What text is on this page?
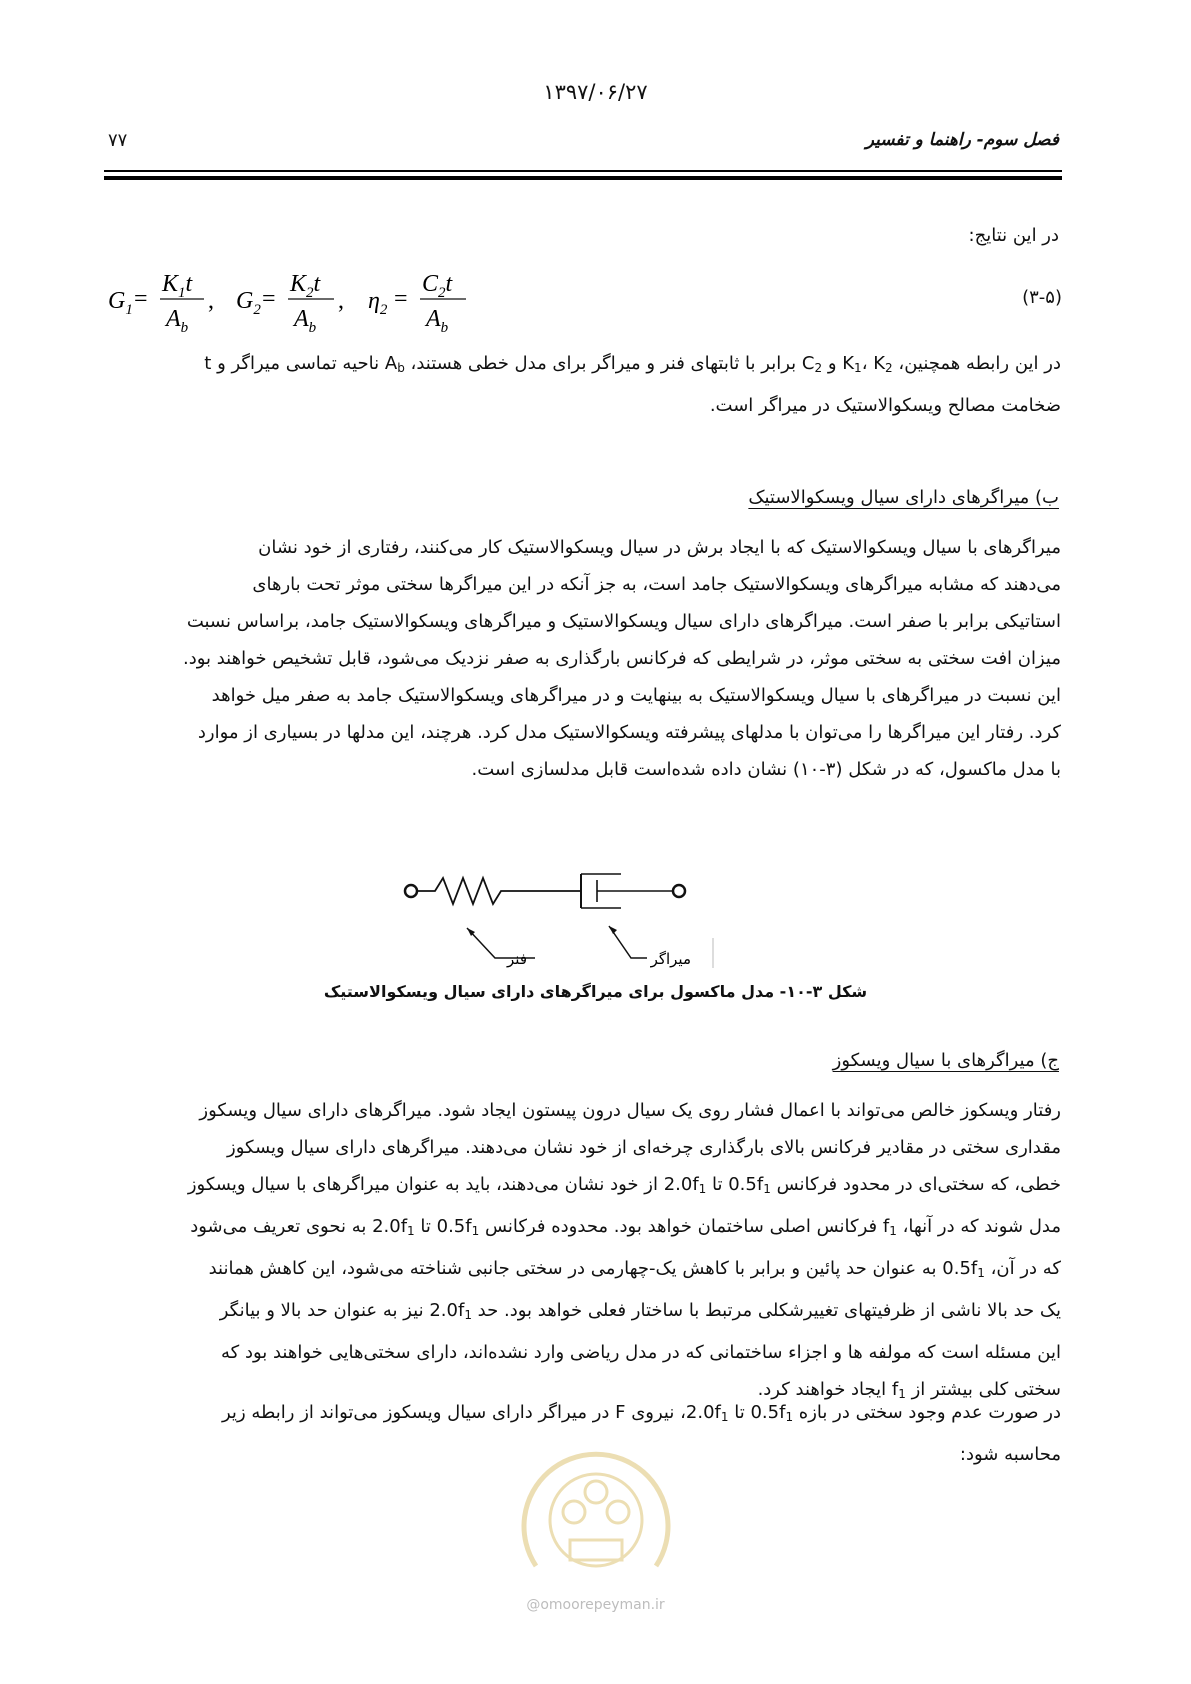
۱۳۹۷/۰۶/۲۷
فصل سوم- راهنما و تفسیر
۷۷
در این نتایج:
$G_1$ =
$K_1t$
$A_b$
, $G_2$ =
$K_2t$
$A_b$
, $\eta_2$ =
$C_2t$
$A_b$
(۳-۵)
در این رابطه همچنین، $K_1،$ $K_2$ و $C_2$ برابر با ثابتهای فنر و میراگر برای مدل خطی هستند، $A_b$ ناحیه تماسی میراگر و t
ضخامت مصالح ویسکوالاستیک در میراگر است.
ب) میراگرهای دارای سیال ویسکوالاستیک
میراگرهای با سیال ویسکوالاستیک که با ایجاد برش در سیال ویسکوالاستیک کار می‌کنند، رفتاری از خود نشان
می‌دهند که مشابه میراگرهای ویسکوالاستیک جامد است، به جز آنکه در این میراگرها سختی موثر تحت بارهای
استاتیکی برابر با صفر است. میراگرهای دارای سیال ویسکوالاستیک و میراگرهای ویسکوالاستیک جامد، براساس نسبت
میزان افت سختی به سختی موثر، در شرایطی که فرکانس بارگذاری به صفر نزدیک می‌شود، قابل تشخیص خواهند بود.
این نسبت در میراگرهای با سیال ویسکوالاستیک به بینهایت و در میراگرهای ویسکوالاستیک جامد به صفر میل خواهد
کرد. رفتار این میراگرها را می‌توان با مدلهای پیشرفته ویسکوالاستیک مدل کرد. هرچند، این مدلها در بسیاری از موارد
با مدل ماکسول، که در شکل (۳-۱۰) نشان داده شده‌است قابل مدلسازی است.
فنر	میراگر
شکل ۳-۱۰- مدل ماکسول برای میراگرهای دارای سیال ویسکوالاستیک
ج) میراگرهای با سیال ویسکوز
رفتار ویسکوز خالص می‌تواند با اعمال فشار روی یک سیال درون پیستون ایجاد شود. میراگرهای دارای سیال ویسکوز
مقداری سختی در مقادیر فرکانس بالای بارگذاری چرخه‌ای از خود نشان می‌دهند. میراگرهای دارای سیال ویسکوز
خطی، که سختی‌ای در محدود فرکانس $0.5f_1$ تا $2.0f_1$ از خود نشان می‌دهند، باید به عنوان میراگرهای با سیال ویسکوز
مدل شوند که در آنها، $f_1$ فرکانس اصلی ساختمان خواهد بود. محدوده فرکانس $0.5f_1$ تا $2.0f_1$ به نحوی تعریف می‌شود
که در آن، $0.5f_1$ به عنوان حد پائین و برابر با کاهش یک-چهارمی در سختی جانبی شناخته می‌شود، این کاهش همانند
یک حد بالا ناشی از ظرفیتهای تغییرشکلی مرتبط با ساختار فعلی خواهد بود. حد $2.0f_1$ نیز به عنوان حد بالا و بیانگر
این مسئله است که مولفه ها و اجزاء ساختمانی که در مدل ریاضی وارد نشده‌اند، دارای سختی‌هایی خواهند بود که
سختی کلی بیشتر از $f_1$ ایجاد خواهند کرد.
در صورت عدم وجود سختی در بازه $0.5f_1$ تا $2.0f_1،$ نیروی F در میراگر دارای سیال ویسکوز می‌تواند از رابطه زیر
محاسبه شود:
@omoorepeyman.ir
